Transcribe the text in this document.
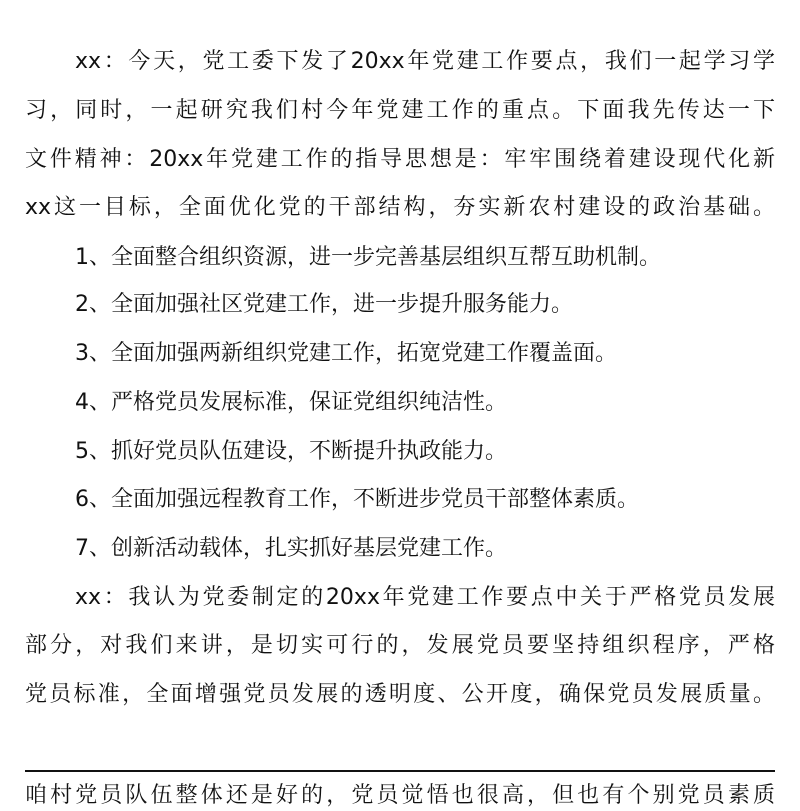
xx：今天，党工委下发了20xx年党建工作要点，我们一起学习学
习，同时，一起研究我们村今年党建工作的重点。下面我先传达一下
文件精神：20xx年党建工作的指导思想是：牢牢围绕着建设现代化新
xx这一目标，全面优化党的干部结构，夯实新农村建设的政治基础。
1、全面整合组织资源，进一步完善基层组织互帮互助机制。
2、全面加强社区党建工作，进一步提升服务能力。
3、全面加强两新组织党建工作，拓宽党建工作覆盖面。
4、严格党员发展标准，保证党组织纯洁性。
5、抓好党员队伍建设，不断提升执政能力。
6、全面加强远程教育工作，不断进步党员干部整体素质。
7、创新活动载体，扎实抓好基层党建工作。
xx：我认为党委制定的20xx年党建工作要点中关于严格党员发展
部分，对我们来讲，是切实可行的，发展党员要坚持组织程序，严格
党员标准，全面增强党员发展的透明度、公开度，确保党员发展质量。
咱村党员队伍整体还是好的，党员觉悟也很高，但也有个别党员素质
